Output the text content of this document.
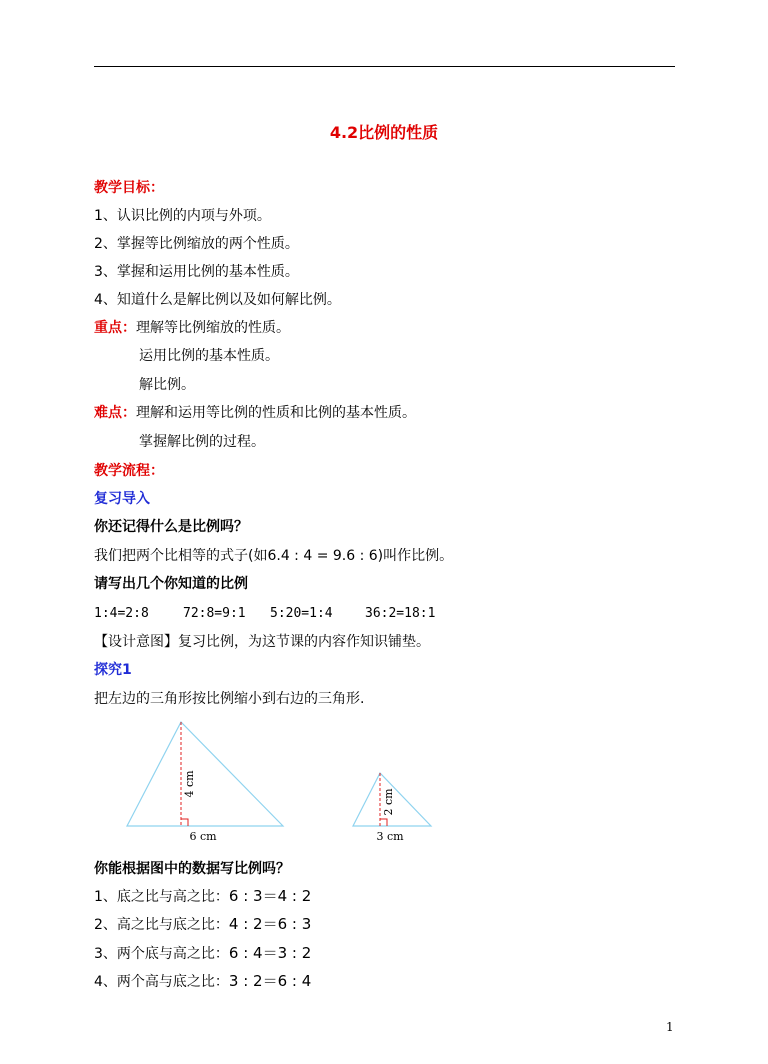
4.2比例的性质
教学目标：
1、认识比例的内项与外项。
2、掌握等比例缩放的两个性质。
3、掌握和运用比例的基本性质。
4、知道什么是解比例以及如何解比例。
重点：理解等比例缩放的性质。
运用比例的基本性质。
解比例。
难点：理解和运用等比例的性质和比例的基本性质。
掌握解比例的过程。
教学流程：
复习导入
你还记得什么是比例吗？
我们把两个比相等的式子(如6.4 : 4 = 9.6 : 6)叫作比例。
请写出几个你知道的比例
1:4=2:8	72:8=9:1 5:20=1:4 36:2=18:1
【设计意图】复习比例，为这节课的内容作知识铺垫。
探究1
把左边的三角形按比例缩小到右边的三角形.
4 cm
6 cm
2 cm
3 cm
你能根据图中的数据写比例吗？
1、底之比与高之比：6 : 3＝4 : 2
2、高之比与底之比：4 : 2＝6 : 3
3、两个底与高之比：6 : 4＝3 : 2
4、两个高与底之比：3 : 2＝6 : 4
1
